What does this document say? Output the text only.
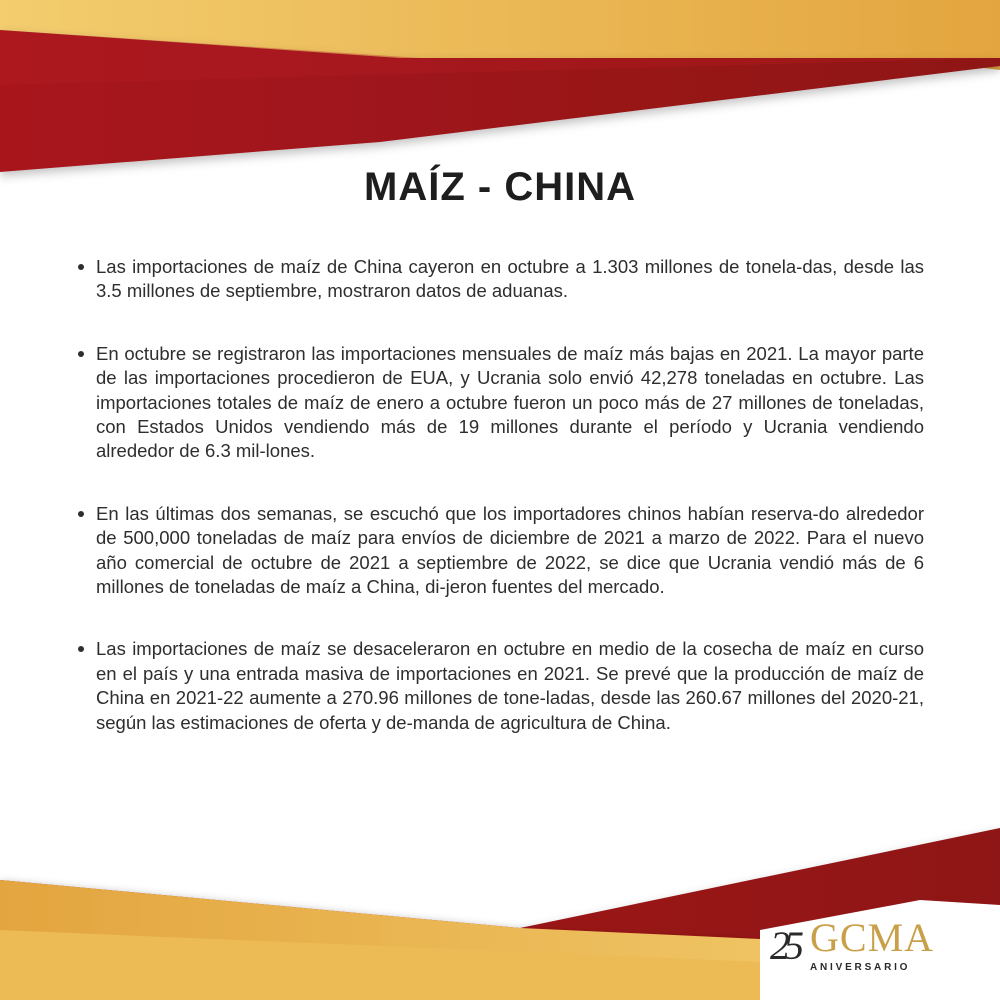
MAÍZ - CHINA
Las importaciones de maíz de China cayeron en octubre a 1.303 millones de tonela-das, desde las 3.5 millones de septiembre, mostraron datos de aduanas.
En octubre se registraron las importaciones mensuales de maíz más bajas en 2021. La mayor parte de las importaciones procedieron de EUA, y Ucrania solo envió 42,278 toneladas en octubre. Las importaciones totales de maíz de enero a octubre fueron un poco más de 27 millones de toneladas, con Estados Unidos vendiendo más de 19 millones durante el período y Ucrania vendiendo alrededor de 6.3 mil-lones.
En las últimas dos semanas, se escuchó que los importadores chinos habían reserva-do alrededor de 500,000 toneladas de maíz para envíos de diciembre de 2021 a marzo de 2022. Para el nuevo año comercial de octubre de 2021 a septiembre de 2022, se dice que Ucrania vendió más de 6 millones de toneladas de maíz a China, di-jeron fuentes del mercado.
Las importaciones de maíz se desaceleraron en octubre en medio de la cosecha de maíz en curso en el país y una entrada masiva de importaciones en 2021. Se prevé que la producción de maíz de China en 2021-22 aumente a 270.96 millones de tone-ladas, desde las 260.67 millones del 2020-21, según las estimaciones de oferta y de-manda de agricultura de China.
25 GCMA
ANIVERSARIO
